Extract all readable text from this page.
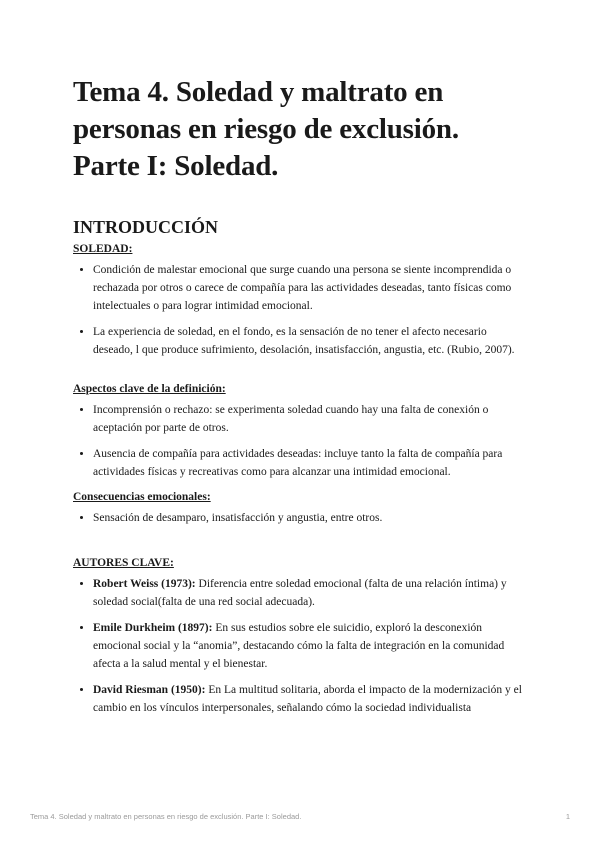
Tema 4. Soledad y maltrato en personas en riesgo de exclusión. Parte I: Soledad.
INTRODUCCIÓN

SOLEDAD:

• Condición de malestar emocional que surge cuando una persona se siente incomprendida o rechazada por otros o carece de compañía para las actividades deseadas, tanto físicas como intelectuales o para lograr intimidad emocional.
• La experiencia de soledad, en el fondo, es la sensación de no tener el afecto necesario deseado, l que produce sufrimiento, desolación, insatisfacción, angustia, etc. (Rubio, 2007).

Aspectos clave de la definición:

• Incomprensión o rechazo: se experimenta soledad cuando hay una falta de conexión o aceptación por parte de otros.
• Ausencia de compañía para actividades deseadas: incluye tanto la falta de compañía para actividades físicas y recreativas como para alcanzar una intimidad emocional.

Consecuencias emocionales:

• Sensación de desamparo, insatisfacción y angustia, entre otros.

AUTORES CLAVE:

• Robert Weiss (1973): Diferencia entre soledad emocional (falta de una relación íntima) y soledad social(falta de una red social adecuada).
• Emile Durkheim (1897): En sus estudios sobre ele suicidio, exploró la desconexión emocional social y la “anomia”, destacando cómo la falta de integración en la comunidad afecta a la salud mental y el bienestar.
• David Riesman (1950): En La multitud solitaria, aborda el impacto de la modernización y el cambio en los vínculos interpersonales, señalando cómo la sociedad individualista
Tema 4. Soledad y maltrato en personas en riesgo de exclusión. Parte I: Soledad.	1
